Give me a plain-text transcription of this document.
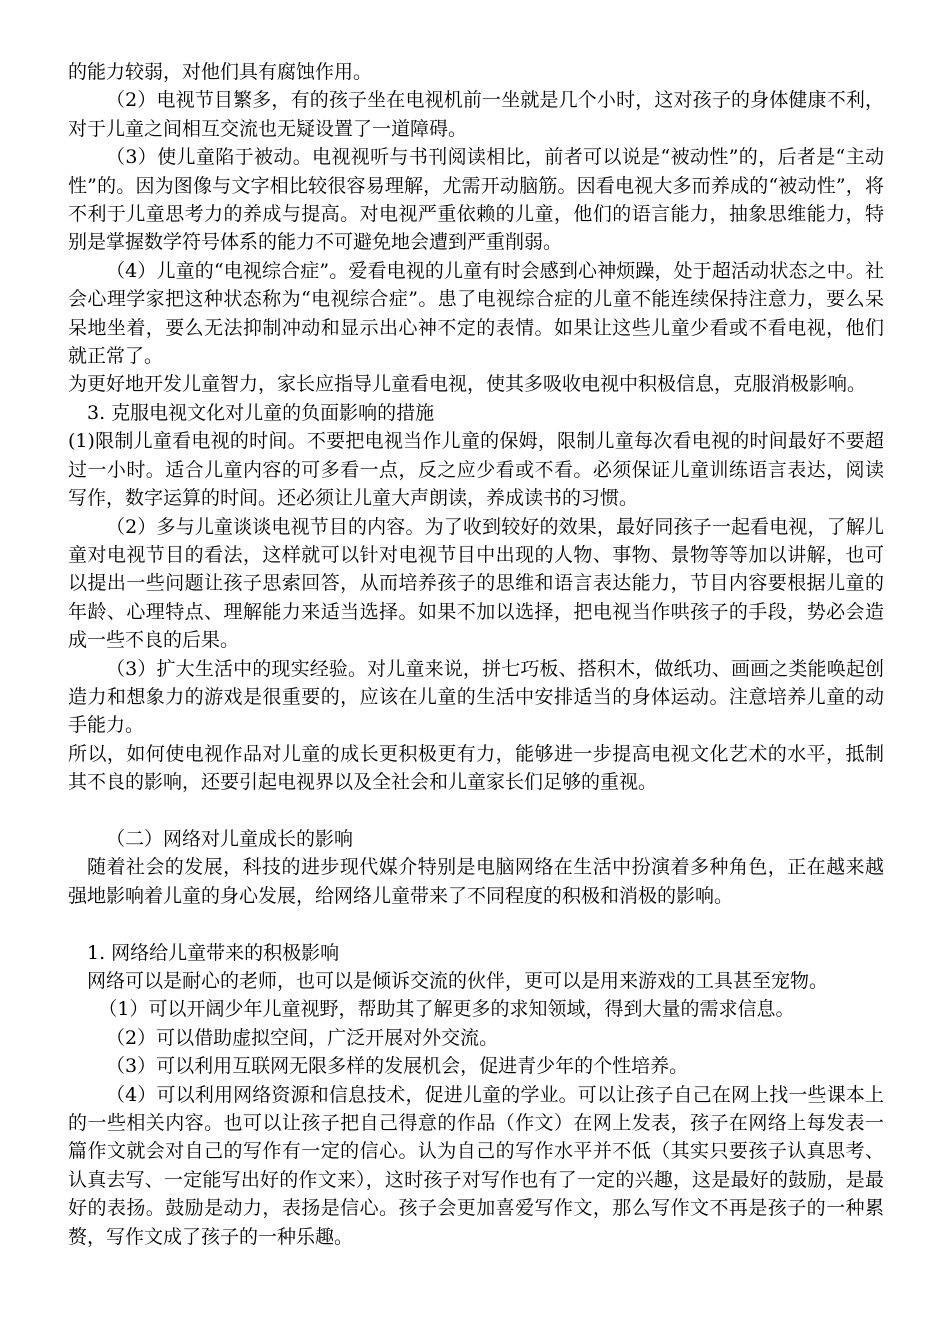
的能力较弱，对他们具有腐蚀作用。

（2）电视节目繁多，有的孩子坐在电视机前一坐就是几个小时，这对孩子的身体健康不利，对于儿童之间相互交流也无疑设置了一道障碍。

（3）使儿童陷于被动。电视视听与书刊阅读相比，前者可以说是“被动性”的，后者是“主动性”的。因为图像与文字相比较很容易理解，尤需开动脑筋。因看电视大多而养成的“被动性”，将不利于儿童思考力的养成与提高。对电视严重依赖的儿童，他们的语言能力，抽象思维能力，特别是掌握数学符号体系的能力不可避免地会遭到严重削弱。

（4）儿童的“电视综合症”。爱看电视的儿童有时会感到心神烦躁，处于超活动状态之中。社会心理学家把这种状态称为“电视综合症”。患了电视综合症的儿童不能连续保持注意力，要么呆呆地坐着，要么无法抑制冲动和显示出心神不定的表情。如果让这些儿童少看或不看电视，他们就正常了。

为更好地开发儿童智力，家长应指导儿童看电视，使其多吸收电视中积极信息，克服消极影响。

3. 克服电视文化对儿童的负面影响的措施

(1)限制儿童看电视的时间。不要把电视当作儿童的保姆，限制儿童每次看电视的时间最好不要超过一小时。适合儿童内容的可多看一点，反之应少看或不看。必须保证儿童训练语言表达，阅读写作，数字运算的时间。还必须让儿童大声朗读，养成读书的习惯。

（2）多与儿童谈谈电视节目的内容。为了收到较好的效果，最好同孩子一起看电视，了解儿童对电视节目的看法，这样就可以针对电视节目中出现的人物、事物、景物等等加以讲解，也可以提出一些问题让孩子思索回答，从而培养孩子的思维和语言表达能力，节目内容要根据儿童的年龄、心理特点、理解能力来适当选择。如果不加以选择，把电视当作哄孩子的手段，势必会造成一些不良的后果。

（3）扩大生活中的现实经验。对儿童来说，拼七巧板、搭积木，做纸功、画画之类能唤起创造力和想象力的游戏是很重要的，应该在儿童的生活中安排适当的身体运动。注意培养儿童的动手能力。

所以，如何使电视作品对儿童的成长更积极更有力，能够进一步提高电视文化艺术的水平，抵制其不良的影响，还要引起电视界以及全社会和儿童家长们足够的重视。

（二）网络对儿童成长的影响

随着社会的发展，科技的进步现代媒介特别是电脑网络在生活中扮演着多种角色，正在越来越强地影响着儿童的身心发展，给网络儿童带来了不同程度的积极和消极的影响。

1. 网络给儿童带来的积极影响

网络可以是耐心的老师，也可以是倾诉交流的伙伴，更可以是用来游戏的工具甚至宠物。

（1）可以开阔少年儿童视野，帮助其了解更多的求知领域，得到大量的需求信息。

（2）可以借助虚拟空间，广泛开展对外交流。

（3）可以利用互联网无限多样的发展机会，促进青少年的个性培养。

（4）可以利用网络资源和信息技术，促进儿童的学业。可以让孩子自己在网上找一些课本上的一些相关内容。也可以让孩子把自己得意的作品（作文）在网上发表，孩子在网络上每发表一篇作文就会对自己的写作有一定的信心。认为自己的写作水平并不低（其实只要孩子认真思考、认真去写、一定能写出好的作文来），这时孩子对写作也有了一定的兴趣，这是最好的鼓励，是最好的表扬。鼓励是动力，表扬是信心。孩子会更加喜爱写作文，那么写作文不再是孩子的一种累赘，写作文成了孩子的一种乐趣。
